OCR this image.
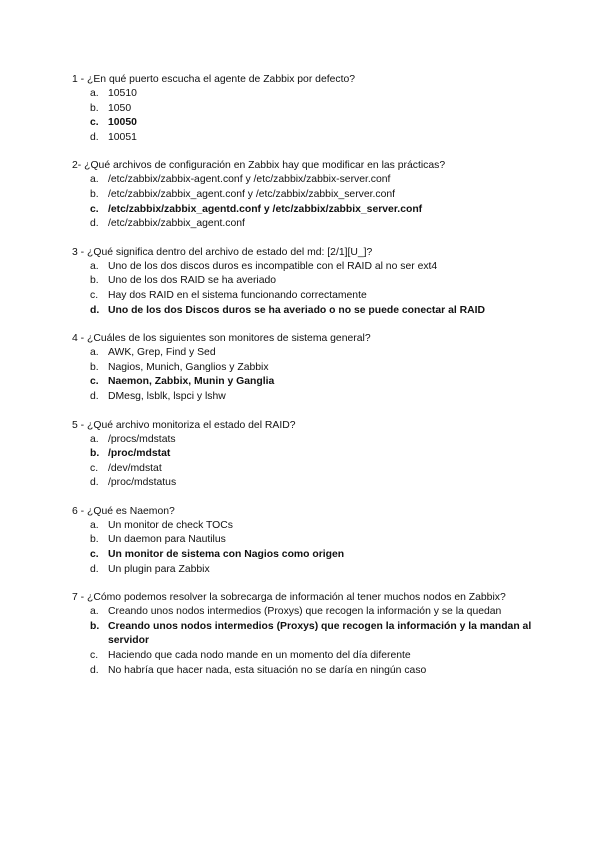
1 - ¿En qué puerto escucha el agente de Zabbix por defecto?

a. 10510
b. 1050
c. 10050
d. 10051

2- ¿Qué archivos de configuración en Zabbix hay que modificar en las prácticas?

a. /etc/zabbix/zabbix-agent.conf y /etc/zabbix/zabbix-server.conf
b. /etc/zabbix/zabbix_agent.conf y /etc/zabbix/zabbix_server.conf
c. /etc/zabbix/zabbix_agentd.conf y /etc/zabbix/zabbix_server.conf
d. /etc/zabbix/zabbix_agent.conf

3 - ¿Qué significa dentro del archivo de estado del md: [2/1][U_]?

a. Uno de los dos discos duros es incompatible con el RAID al no ser ext4
b. Uno de los dos RAID se ha averiado
c. Hay dos RAID en el sistema funcionando correctamente
d. Uno de los dos Discos duros se ha averiado o no se puede conectar al RAID

4 - ¿Cuáles de los siguientes son monitores de sistema general?

a. AWK, Grep, Find y Sed
b. Nagios, Munich, Ganglios y Zabbix
c. Naemon, Zabbix, Munin y Ganglia
d. DMesg, lsblk, lspci y lshw

5 - ¿Qué archivo monitoriza el estado del RAID?

a. /procs/mdstats
b. /proc/mdstat
c. /dev/mdstat
d. /proc/mdstatus

6 - ¿Qué es Naemon?

a. Un monitor de check TOCs
b. Un daemon para Nautilus
c. Un monitor de sistema con Nagios como origen
d. Un plugin para Zabbix

7 - ¿Cómo podemos resolver la sobrecarga de información al tener muchos nodos en Zabbix?

a. Creando unos nodos intermedios (Proxys) que recogen la información y se la quedan
b. Creando unos nodos intermedios (Proxys) que recogen la información y la mandan al servidor
c. Haciendo que cada nodo mande en un momento del día diferente
d. No habría que hacer nada, esta situación no se daría en ningún caso
